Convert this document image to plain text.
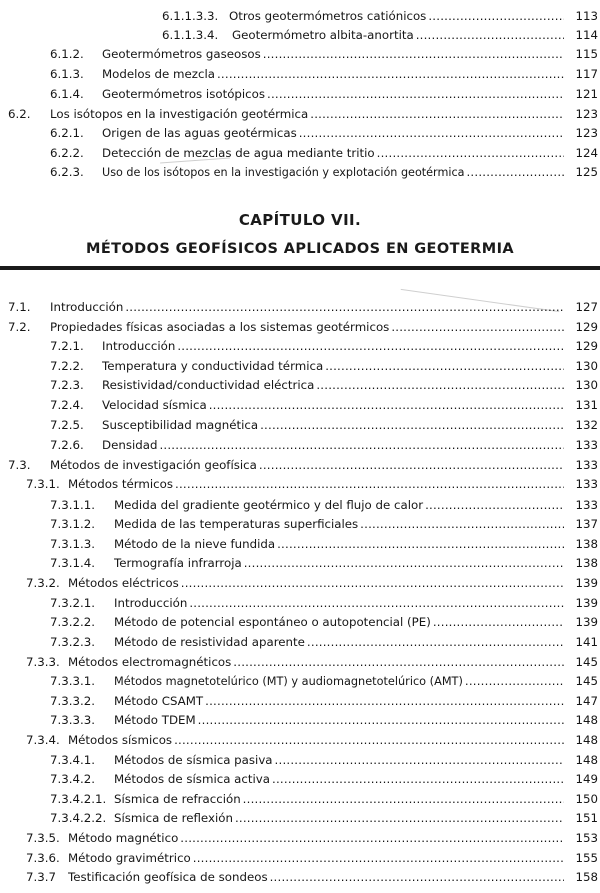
6.1.1.3.3. Otros geotermómetros catiónicos .....	113
6.1.1.3.4. Geotermómetro albita-anortita .....	114
6.1.2. Geotermómetros gaseosos .....	115
6.1.3. Modelos de mezcla .....	117
6.1.4. Geotermómetros isotópicos .....	121
6.2. Los isótopos en la investigación geotérmica .....	123
6.2.1. Origen de las aguas geotérmicas .....	123
6.2.2. Detección de mezclas de agua mediante tritio .....	124
6.2.3. Uso de los isótopos en la investigación y explotación geotérmica .....	125
CAPÍTULO VII.
MÉTODOS GEOFÍSICOS APLICADOS EN GEOTERMIA
7.1. Introducción .....	127
7.2. Propiedades físicas asociadas a los sistemas geotérmicos .....	129
7.2.1. Introducción .....	129
7.2.2. Temperatura y conductividad térmica .....	130
7.2.3. Resistividad/conductividad eléctrica .....	130
7.2.4. Velocidad sísmica .....	131
7.2.5. Susceptibilidad magnética .....	132
7.2.6. Densidad .....	133
7.3. Métodos de investigación geofísica .....	133
7.3.1. Métodos térmicos .....	133
7.3.1.1. Medida del gradiente geotérmico y del flujo de calor .....	133
7.3.1.2. Medida de las temperaturas superficiales .....	137
7.3.1.3. Método de la nieve fundida .....	138
7.3.1.4. Termografía infrarroja .....	138
7.3.2. Métodos eléctricos .....	139
7.3.2.1. Introducción .....	139
7.3.2.2. Método de potencial espontáneo o autopotencial (PE) .....	139
7.3.2.3. Método de resistividad aparente .....	141
7.3.3. Métodos electromagnéticos .....	145
7.3.3.1. Métodos magnetotelúrico (MT) y audiomagnetotelúrico (AMT) .....	145
7.3.3.2. Método CSAMT .....	147
7.3.3.3. Método TDEM .....	148
7.3.4. Métodos sísmicos .....	148
7.3.4.1. Métodos de sísmica pasiva .....	148
7.3.4.2. Métodos de sísmica activa .....	149
7.3.4.2.1. Sísmica de refracción .....	150
7.3.4.2.2. Sísmica de reflexión .....	151
7.3.5. Método magnético .....	153
7.3.6. Método gravimétrico .....	155
7.3.7 Testificación geofísica de sondeos .....	158
